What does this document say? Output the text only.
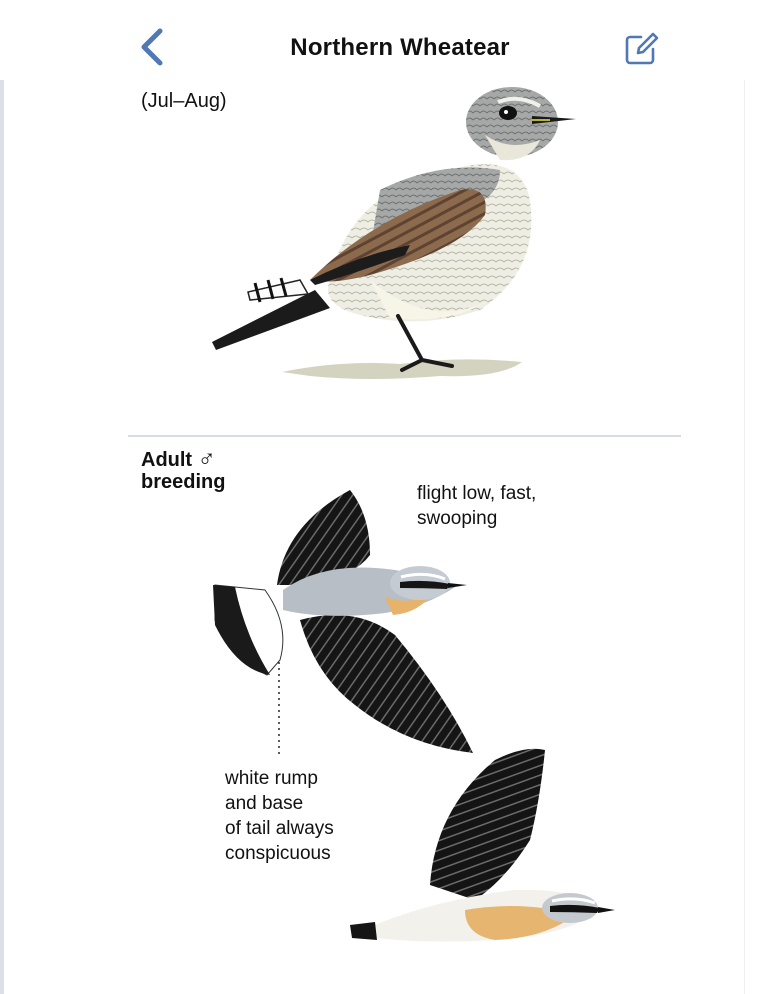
Northern Wheatear
(Jul–Aug)
Adult ♂
breeding
flight low, fast,
swooping
white rump
and base
of tail always
conspicuous
